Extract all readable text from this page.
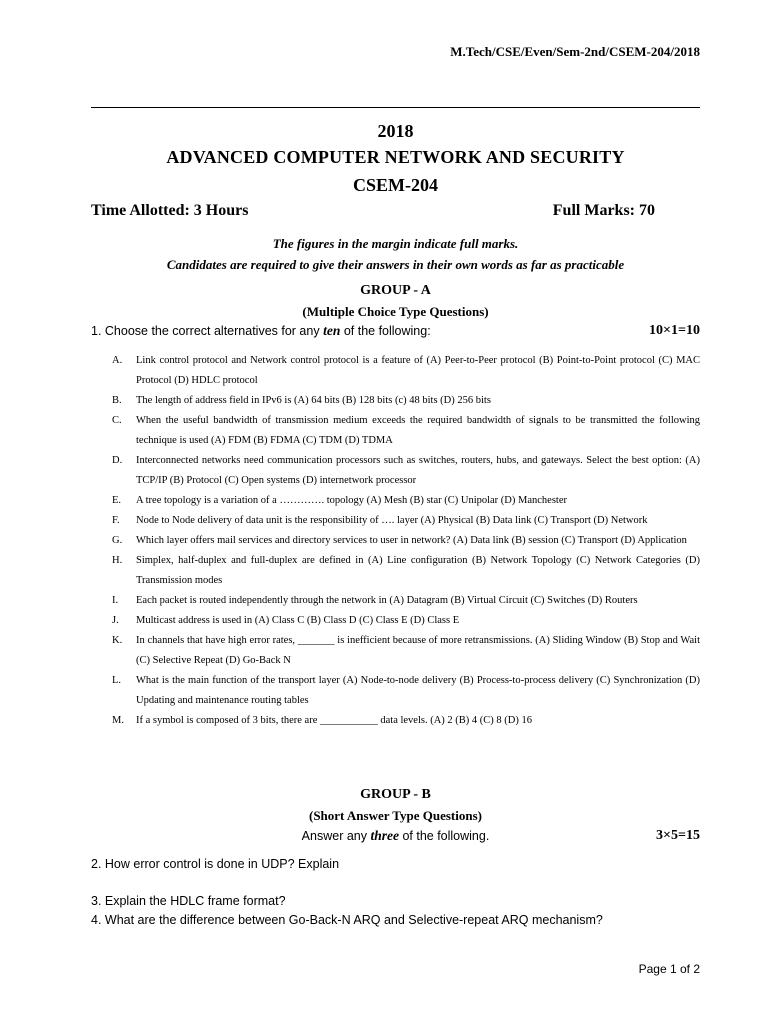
M.Tech/CSE/Even/Sem-2nd/CSEM-204/2018
2018
ADVANCED COMPUTER NETWORK AND SECURITY
CSEM-204
Time Allotted: 3 Hours	Full Marks: 70
The figures in the margin indicate full marks.
Candidates are required to give their answers in their own words as far as practicable
GROUP - A
(Multiple Choice Type Questions)
1. Choose the correct alternatives for any ten of the following:	10×1=10
A. Link control protocol and Network control protocol is a feature of (A) Peer-to-Peer protocol (B) Point-to-Point protocol (C) MAC Protocol (D) HDLC protocol
B. The length of address field in IPv6 is (A) 64 bits (B) 128 bits (c) 48 bits (D) 256 bits
C. When the useful bandwidth of transmission medium exceeds the required bandwidth of signals to be transmitted the following technique is used (A) FDM (B) FDMA (C) TDM (D) TDMA
D. Interconnected networks need communication processors such as switches, routers, hubs, and gateways. Select the best option: (A) TCP/IP (B) Protocol (C) Open systems (D) internetwork processor
E. A tree topology is a variation of a …………. topology (A) Mesh (B) star (C) Unipolar (D) Manchester
F. Node to Node delivery of data unit is the responsibility of …. layer (A) Physical (B) Data link (C) Transport (D) Network
G. Which layer offers mail services and directory services to user in network? (A) Data link (B) session (C) Transport (D) Application
H. Simplex, half-duplex and full-duplex are defined in (A) Line configuration (B) Network Topology (C) Network Categories (D) Transmission modes
I. Each packet is routed independently through the network in (A) Datagram (B) Virtual Circuit (C) Switches (D) Routers
J. Multicast address is used in (A) Class C (B) Class D (C) Class E (D) Class E
K. In channels that have high error rates, _______ is inefficient because of more retransmissions. (A) Sliding Window (B) Stop and Wait (C) Selective Repeat (D) Go-Back N
L. What is the main function of the transport layer (A) Node-to-node delivery (B) Process-to-process delivery (C) Synchronization (D) Updating and maintenance routing tables
M. If a symbol is composed of 3 bits, there are ___________ data levels. (A) 2 (B) 4 (C) 8 (D) 16
GROUP - B
(Short Answer Type Questions)
Answer any three of the following.	3×5=15
2. How error control is done in UDP? Explain
3. Explain the HDLC frame format?
4. What are the difference between Go-Back-N ARQ and Selective-repeat ARQ mechanism?
Page 1 of 2
